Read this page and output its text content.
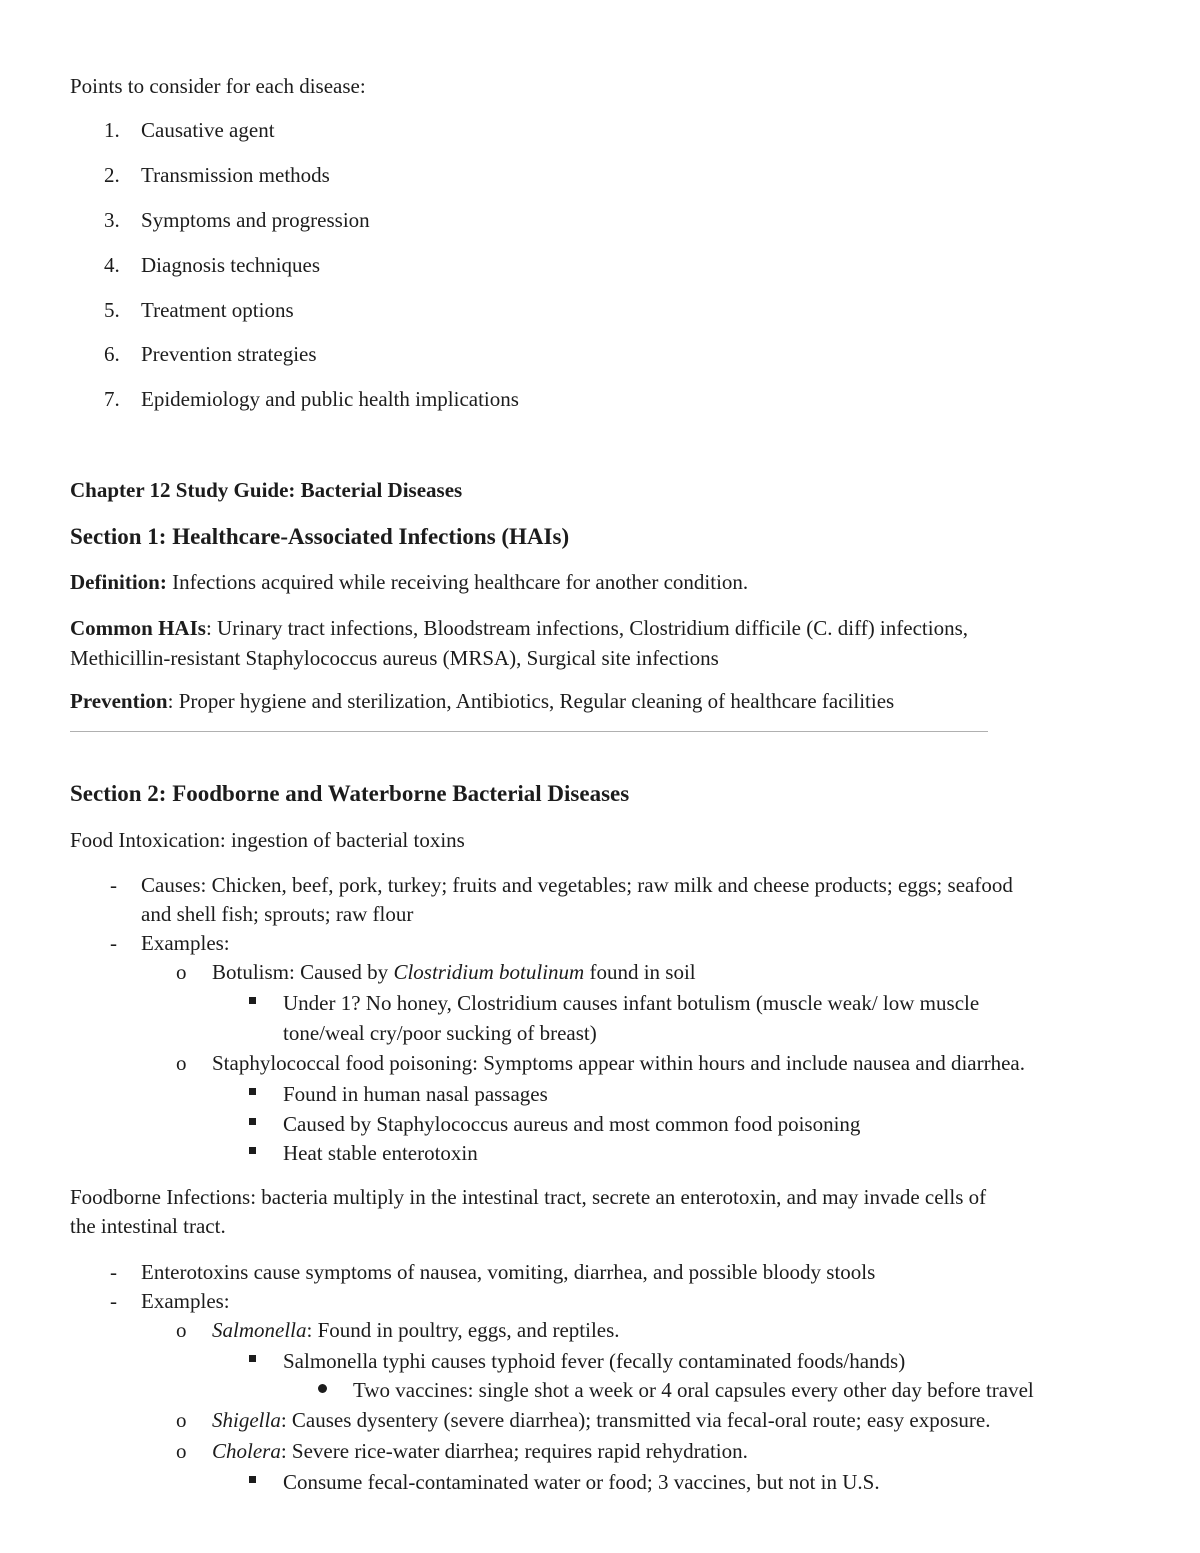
Points to consider for each disease:
1. Causative agent
2. Transmission methods
3. Symptoms and progression
4. Diagnosis techniques
5. Treatment options
6. Prevention strategies
7. Epidemiology and public health implications
Chapter 12 Study Guide: Bacterial Diseases
Section 1: Healthcare-Associated Infections (HAIs)
Definition: Infections acquired while receiving healthcare for another condition.
Common HAIs: Urinary tract infections, Bloodstream infections, Clostridium difficile (C. diff) infections,
Methicillin-resistant Staphylococcus aureus (MRSA), Surgical site infections
Prevention: Proper hygiene and sterilization, Antibiotics, Regular cleaning of healthcare facilities
Section 2: Foodborne and Waterborne Bacterial Diseases
Food Intoxication: ingestion of bacterial toxins
- Causes: Chicken, beef, pork, turkey; fruits and vegetables; raw milk and cheese products; eggs; seafood
and shell fish; sprouts; raw flour
- Examples:
o Botulism: Caused by Clostridium botulinum found in soil
Under 1? No honey, Clostridium causes infant botulism (muscle weak/ low muscle
tone/weal cry/poor sucking of breast)
o Staphylococcal food poisoning: Symptoms appear within hours and include nausea and diarrhea.
Found in human nasal passages
Caused by Staphylococcus aureus and most common food poisoning
Heat stable enterotoxin
Foodborne Infections: bacteria multiply in the intestinal tract, secrete an enterotoxin, and may invade cells of
the intestinal tract.
- Enterotoxins cause symptoms of nausea, vomiting, diarrhea, and possible bloody stools
- Examples:
o Salmonella: Found in poultry, eggs, and reptiles.
Salmonella typhi causes typhoid fever (fecally contaminated foods/hands)
Two vaccines: single shot a week or 4 oral capsules every other day before travel
o Shigella: Causes dysentery (severe diarrhea); transmitted via fecal-oral route; easy exposure.
o Cholera: Severe rice-water diarrhea; requires rapid rehydration.
Consume fecal-contaminated water or food; 3 vaccines, but not in U.S.
